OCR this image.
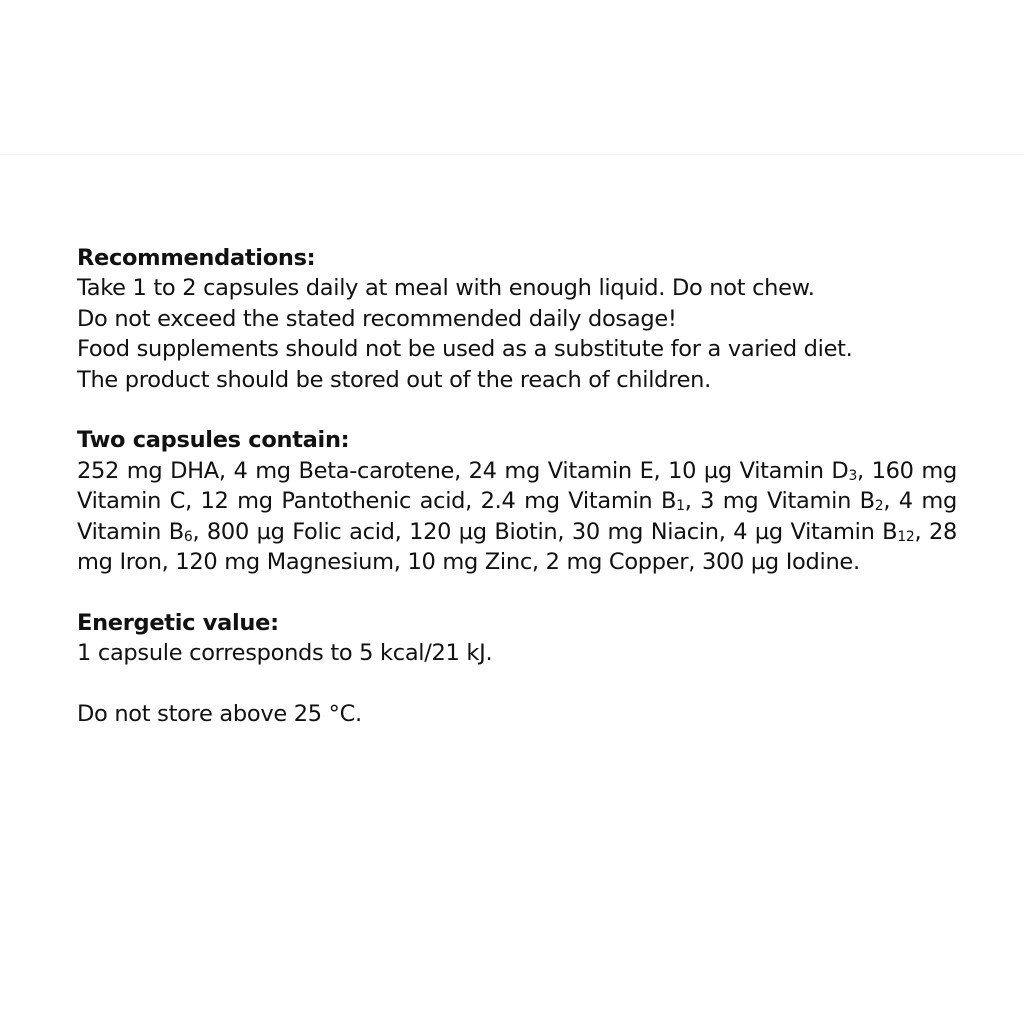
Recommendations:
Take 1 to 2 capsules daily at meal with enough liquid. Do not chew.
Do not exceed the stated recommended daily dosage!
Food supplements should not be used as a substitute for a varied diet.
The product should be stored out of the reach of children.
Two capsules contain:
252 mg DHA, 4 mg Beta-carotene, 24 mg Vitamin E, 10 µg Vitamin $D_3$, 160 mg Vitamin C, 12 mg Pantothenic acid, 2.4 mg Vitamin $B_1$, 3 mg Vitamin $B_2$, 4 mg Vitamin $B_6$, 800 µg Folic acid, 120 µg Biotin, 30 mg Niacin, 4 µg Vitamin $B_{12}$, 28 mg Iron, 120 mg Magnesium, 10 mg Zinc, 2 mg Copper, 300 µg Iodine.
Energetic value:
1 capsule corresponds to 5 kcal/21 kJ.
Do not store above 25 °C.
